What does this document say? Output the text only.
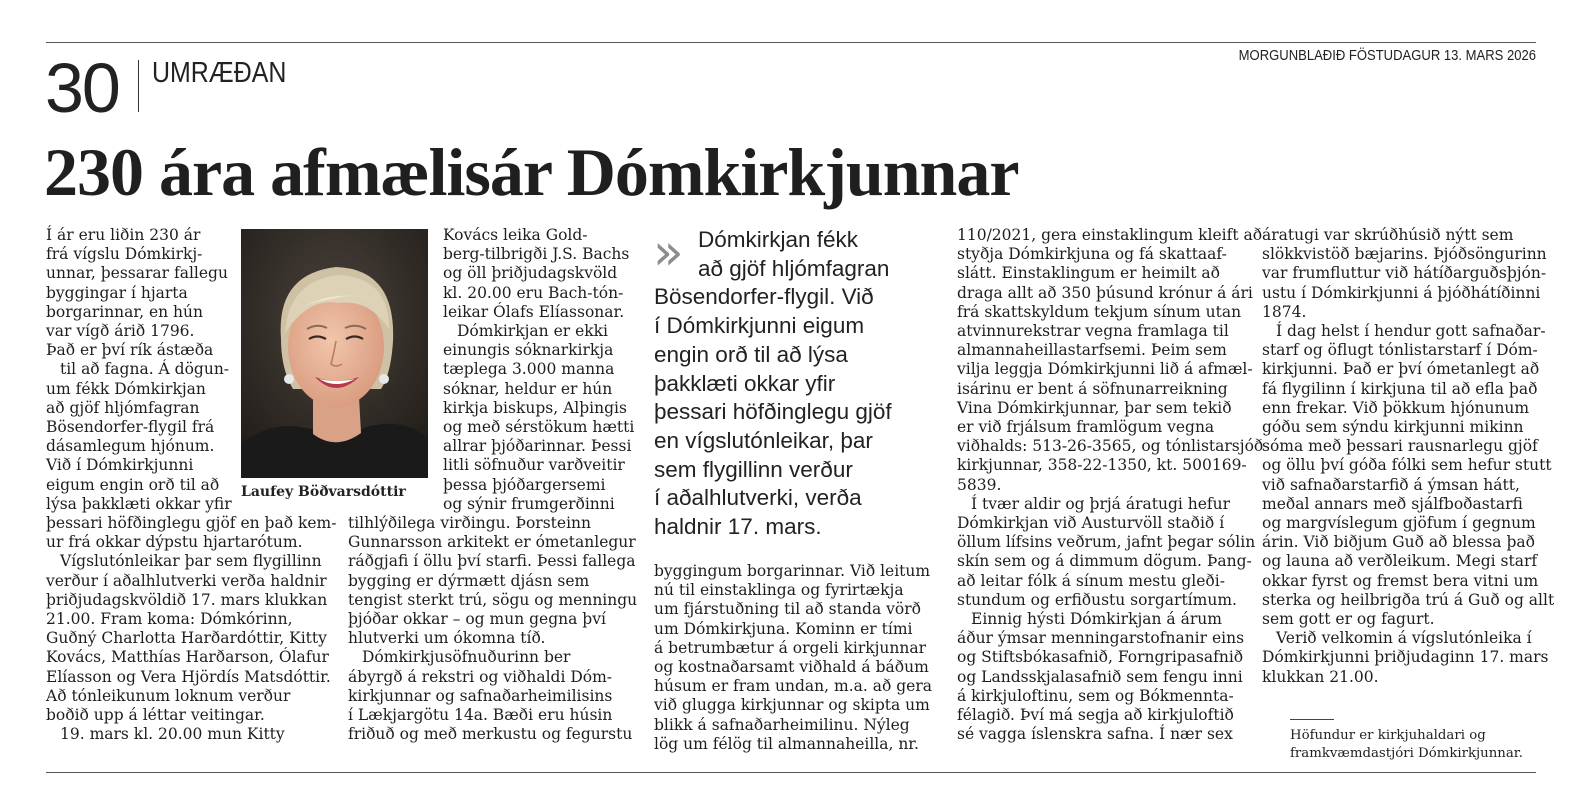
30 UMRÆÐAN
MORGUNBLAÐIÐ FÖSTUDAGUR 13. MARS 2026
230 ára afmælisár Dómkirkjunnar
Í ár eru liðin 230 ár
frá vígslu Dómkirkj-
unnar, þessarar fallegu
byggingar í hjarta
borgarinnar, en hún
var vígð árið 1796.
Það er því rík ástæða
til að fagna. Á dögun-
um fékk Dómkirkjan
að gjöf hljómfagran
Bösendorfer-flygil frá
dásamlegum hjónum.
Við í Dómkirkjunni
eigum engin orð til að
lýsa þakklæti okkar yfir
þessari höfðinglegu gjöf en það kem-
ur frá okkar dýpstu hjartarótum.
Vígslutónleikar þar sem flygillinn
verður í aðalhlutverki verða haldnir
þriðjudagskvöldið 17. mars klukkan
21.00. Fram koma: Dómkórinn,
Guðný Charlotta Harðardóttir, Kitty
Kovács, Matthías Harðarson, Ólafur
Elíasson og Vera Hjördís Matsdóttir.
Að tónleikunum loknum verður
boðið upp á léttar veitingar.
19. mars kl. 20.00 mun Kitty
Laufey Böðvarsdóttir
Kovács leika Gold-
berg-tilbrigði J.S. Bachs
og öll þriðjudagskvöld
kl. 20.00 eru Bach-tón-
leikar Ólafs Elíassonar.
Dómkirkjan er ekki
einungis sóknarkirkja
tæplega 3.000 manna
sóknar, heldur er hún
kirkja biskups, Alþingis
og með sérstökum hætti
allrar þjóðarinnar. Þessi
litli söfnuður varðveitir
þessa þjóðargersemi
og sýnir frumgerðinni
tilhlýðilega virðingu. Þorsteinn
Gunnarsson arkitekt er ómetanlegur
ráðgjafi í öllu því starfi. Þessi fallega
bygging er dýrmætt djásn sem
tengist sterkt trú, sögu og menningu
þjóðar okkar – og mun gegna því
hlutverki um ókomna tíð.
Dómkirkjusöfnuðurinn ber
ábyrgð á rekstri og viðhaldi Dóm-
kirkjunnar og safnaðarheimilisins
í Lækjargötu 14a. Bæði eru húsin
friðuð og með merkustu og fegurstu
» Dómkirkjan fékk
að gjöf hljómfagran
Bösendorfer-flygil. Við
í Dómkirkjunni eigum
engin orð til að lýsa
þakklæti okkar yfir
þessari höfðinglegu gjöf
en vígslutónleikar, þar
sem flygillinn verður
í aðalhlutverki, verða
haldnir 17. mars.
byggingum borgarinnar. Við leitum
nú til einstaklinga og fyrirtækja
um fjárstuðning til að standa vörð
um Dómkirkjuna. Kominn er tími
á betrumbætur á orgeli kirkjunnar
og kostnaðarsamt viðhald á báðum
húsum er fram undan, m.a. að gera
við glugga kirkjunnar og skipta um
blikk á safnaðarheimilinu. Nýleg
lög um félög til almannaheilla, nr.
110/2021, gera einstaklingum kleift að
styðja Dómkirkjuna og fá skattaaf-
slátt. Einstaklingum er heimilt að
draga allt að 350 þúsund krónur á ári
frá skattskyldum tekjum sínum utan
atvinnurekstrar vegna framlaga til
almannaheillastarfsemi. Þeim sem
vilja leggja Dómkirkjunni lið á afmæl-
isárinu er bent á söfnunarreikning
Vina Dómkirkjunnar, þar sem tekið
er við frjálsum framlögum vegna
viðhalds: 513-26-3565, og tónlistarsjóð
kirkjunnar, 358-22-1350, kt. 500169-
5839.
Í tvær aldir og þrjá áratugi hefur
Dómkirkjan við Austurvöll staðið í
öllum lífsins veðrum, jafnt þegar sólin
skín sem og á dimmum dögum. Þang-
að leitar fólk á sínum mestu gleði-
stundum og erfiðustu sorgartímum.
Einnig hýsti Dómkirkjan á árum
áður ýmsar menningarstofnanir eins
og Stiftsbókasafnið, Forngripasafnið
og Landsskjalasafnið sem fengu inni
á kirkjuloftinu, sem og Bókmennta-
félagið. Því má segja að kirkjuloftið
sé vagga íslenskra safna. Í nær sex
áratugi var skrúðhúsið nýtt sem
slökkvistöð bæjarins. Þjóðsöngurinn
var frumfluttur við hátíðarguðsþjón-
ustu í Dómkirkjunni á þjóðhátíðinni
1874.
Í dag helst í hendur gott safnaðar-
starf og öflugt tónlistarstarf í Dóm-
kirkjunni. Það er því ómetanlegt að
fá flygilinn í kirkjuna til að efla það
enn frekar. Við þökkum hjónunum
góðu sem sýndu kirkjunni mikinn
sóma með þessari rausnarlegu gjöf
og öllu því góða fólki sem hefur stutt
við safnaðarstarfið á ýmsan hátt,
meðal annars með sjálfboðastarfi
og margvíslegum gjöfum í gegnum
árin. Við biðjum Guð að blessa það
og launa að verðleikum. Megi starf
okkar fyrst og fremst bera vitni um
sterka og heilbrigða trú á Guð og allt
sem gott er og fagurt.
Verið velkomin á vígslutónleika í
Dómkirkjunni þriðjudaginn 17. mars
klukkan 21.00.
Höfundur er kirkjuhaldari og
framkvæmdastjóri Dómkirkjunnar.
